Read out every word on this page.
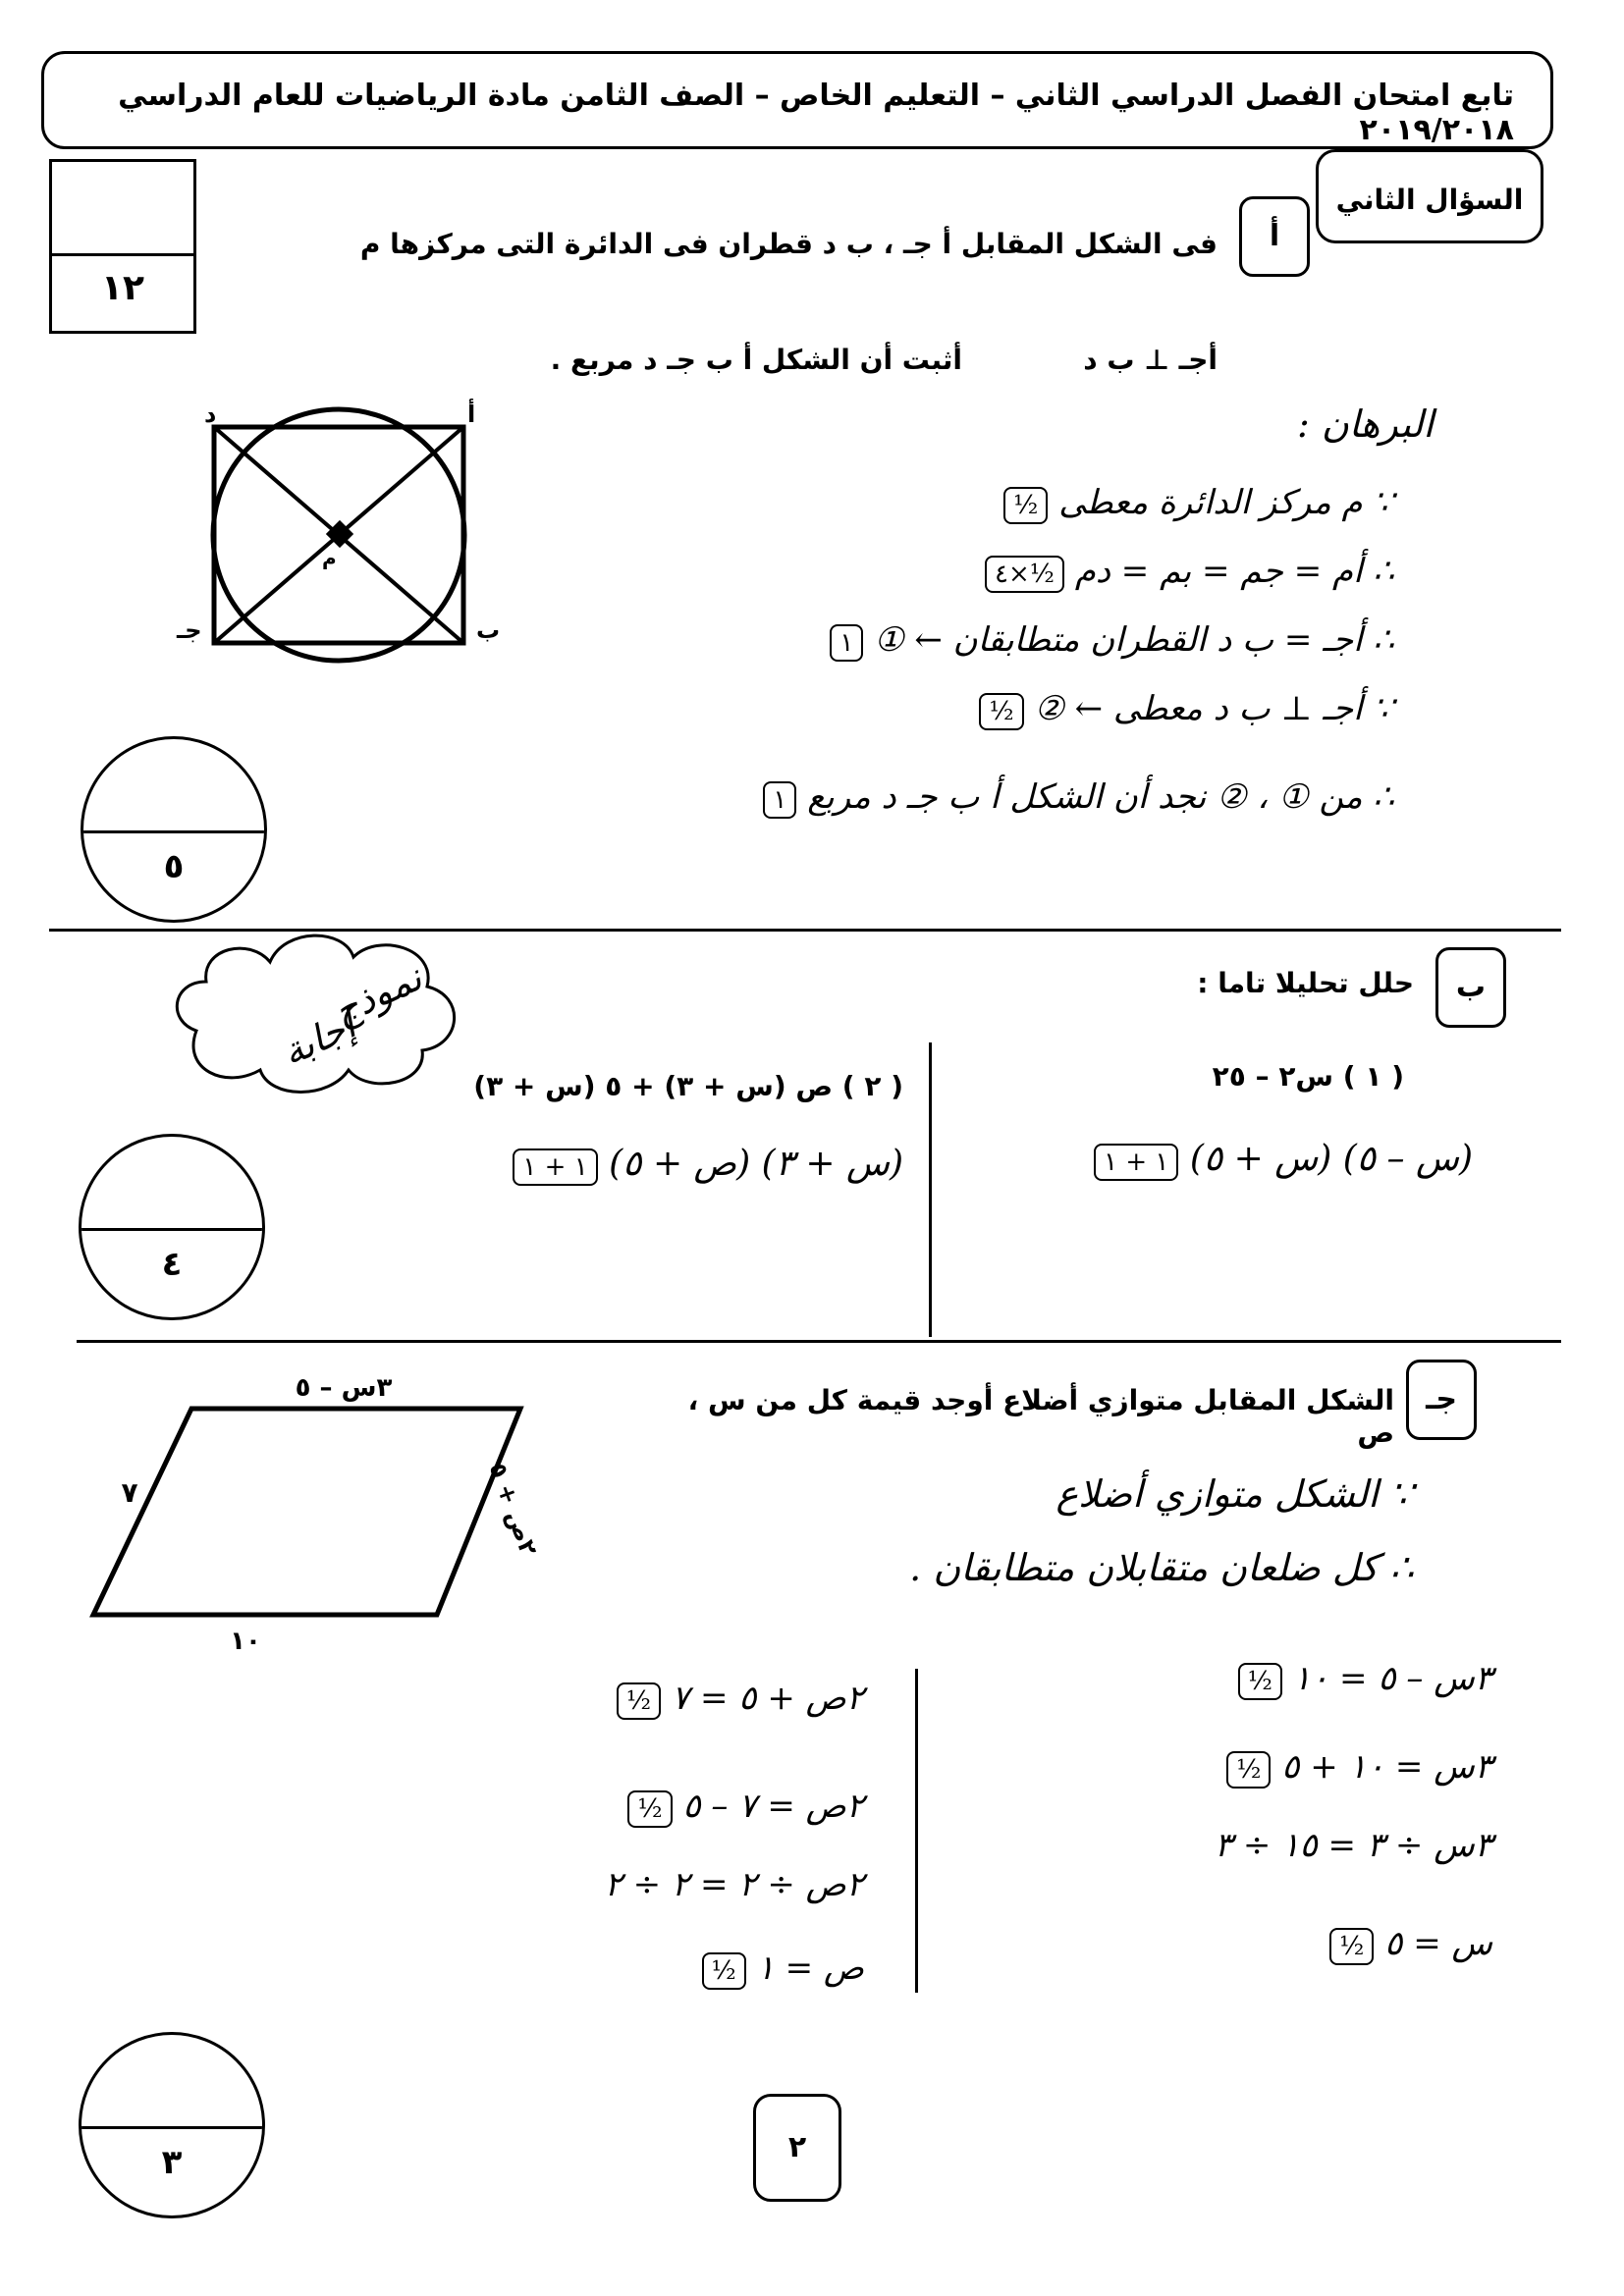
تابع امتحان الفصل الدراسي الثاني – التعليم الخاص – الصف الثامن مادة الرياضيات للعام الدراسي ٢٠١٩/٢٠١٨
١٢
السؤال الثاني
أ
فى الشكل المقابل أ جـ ، ب د قطران فى الدائرة التى مركزها م
أجـ ⊥ ب د
أثبت أن الشكل أ ب جـ د مربع .
د	أ
جـ	ب
م
البرهان :
∵ م مركز الدائرة معطى ½
∴ أم = جم = بم = دم ½×٤
∴ أجـ = ب د القطران متطابقان ← ① ١
∵ أجـ ⊥ ب د معطى ← ② ½
∴ من ① ، ② نجد أن الشكل أ ب جـ د مربع ١
٥
نموذج
إجابة
ب
حلل تحليلا تاما :
( ١ ) س٢ – ٢٥
( ٢ ) ص (س + ٣) + ٥ (س + ٣)
(س – ٥) (س + ٥) ١ + ١
(س + ٣) (ص + ٥) ١ + ١
٤
جـ
الشكل المقابل متوازي أضلاع أوجد قيمة كل من س ، ص
٣س – ٥
٧
١٠
٢ص + ٥
∵ الشكل متوازي أضلاع
∴ كل ضلعان متقابلان متطابقان .
٣س – ٥ = ١٠ ½
٣س = ١٠ + ٥ ½
٣س ÷ ٣ = ١٥ ÷ ٣
س = ٥ ½
٢ص + ٥ = ٧ ½
٢ص = ٧ – ٥ ½
٢ص ÷ ٢ = ٢ ÷ ٢
ص = ١ ½
٣	٢
